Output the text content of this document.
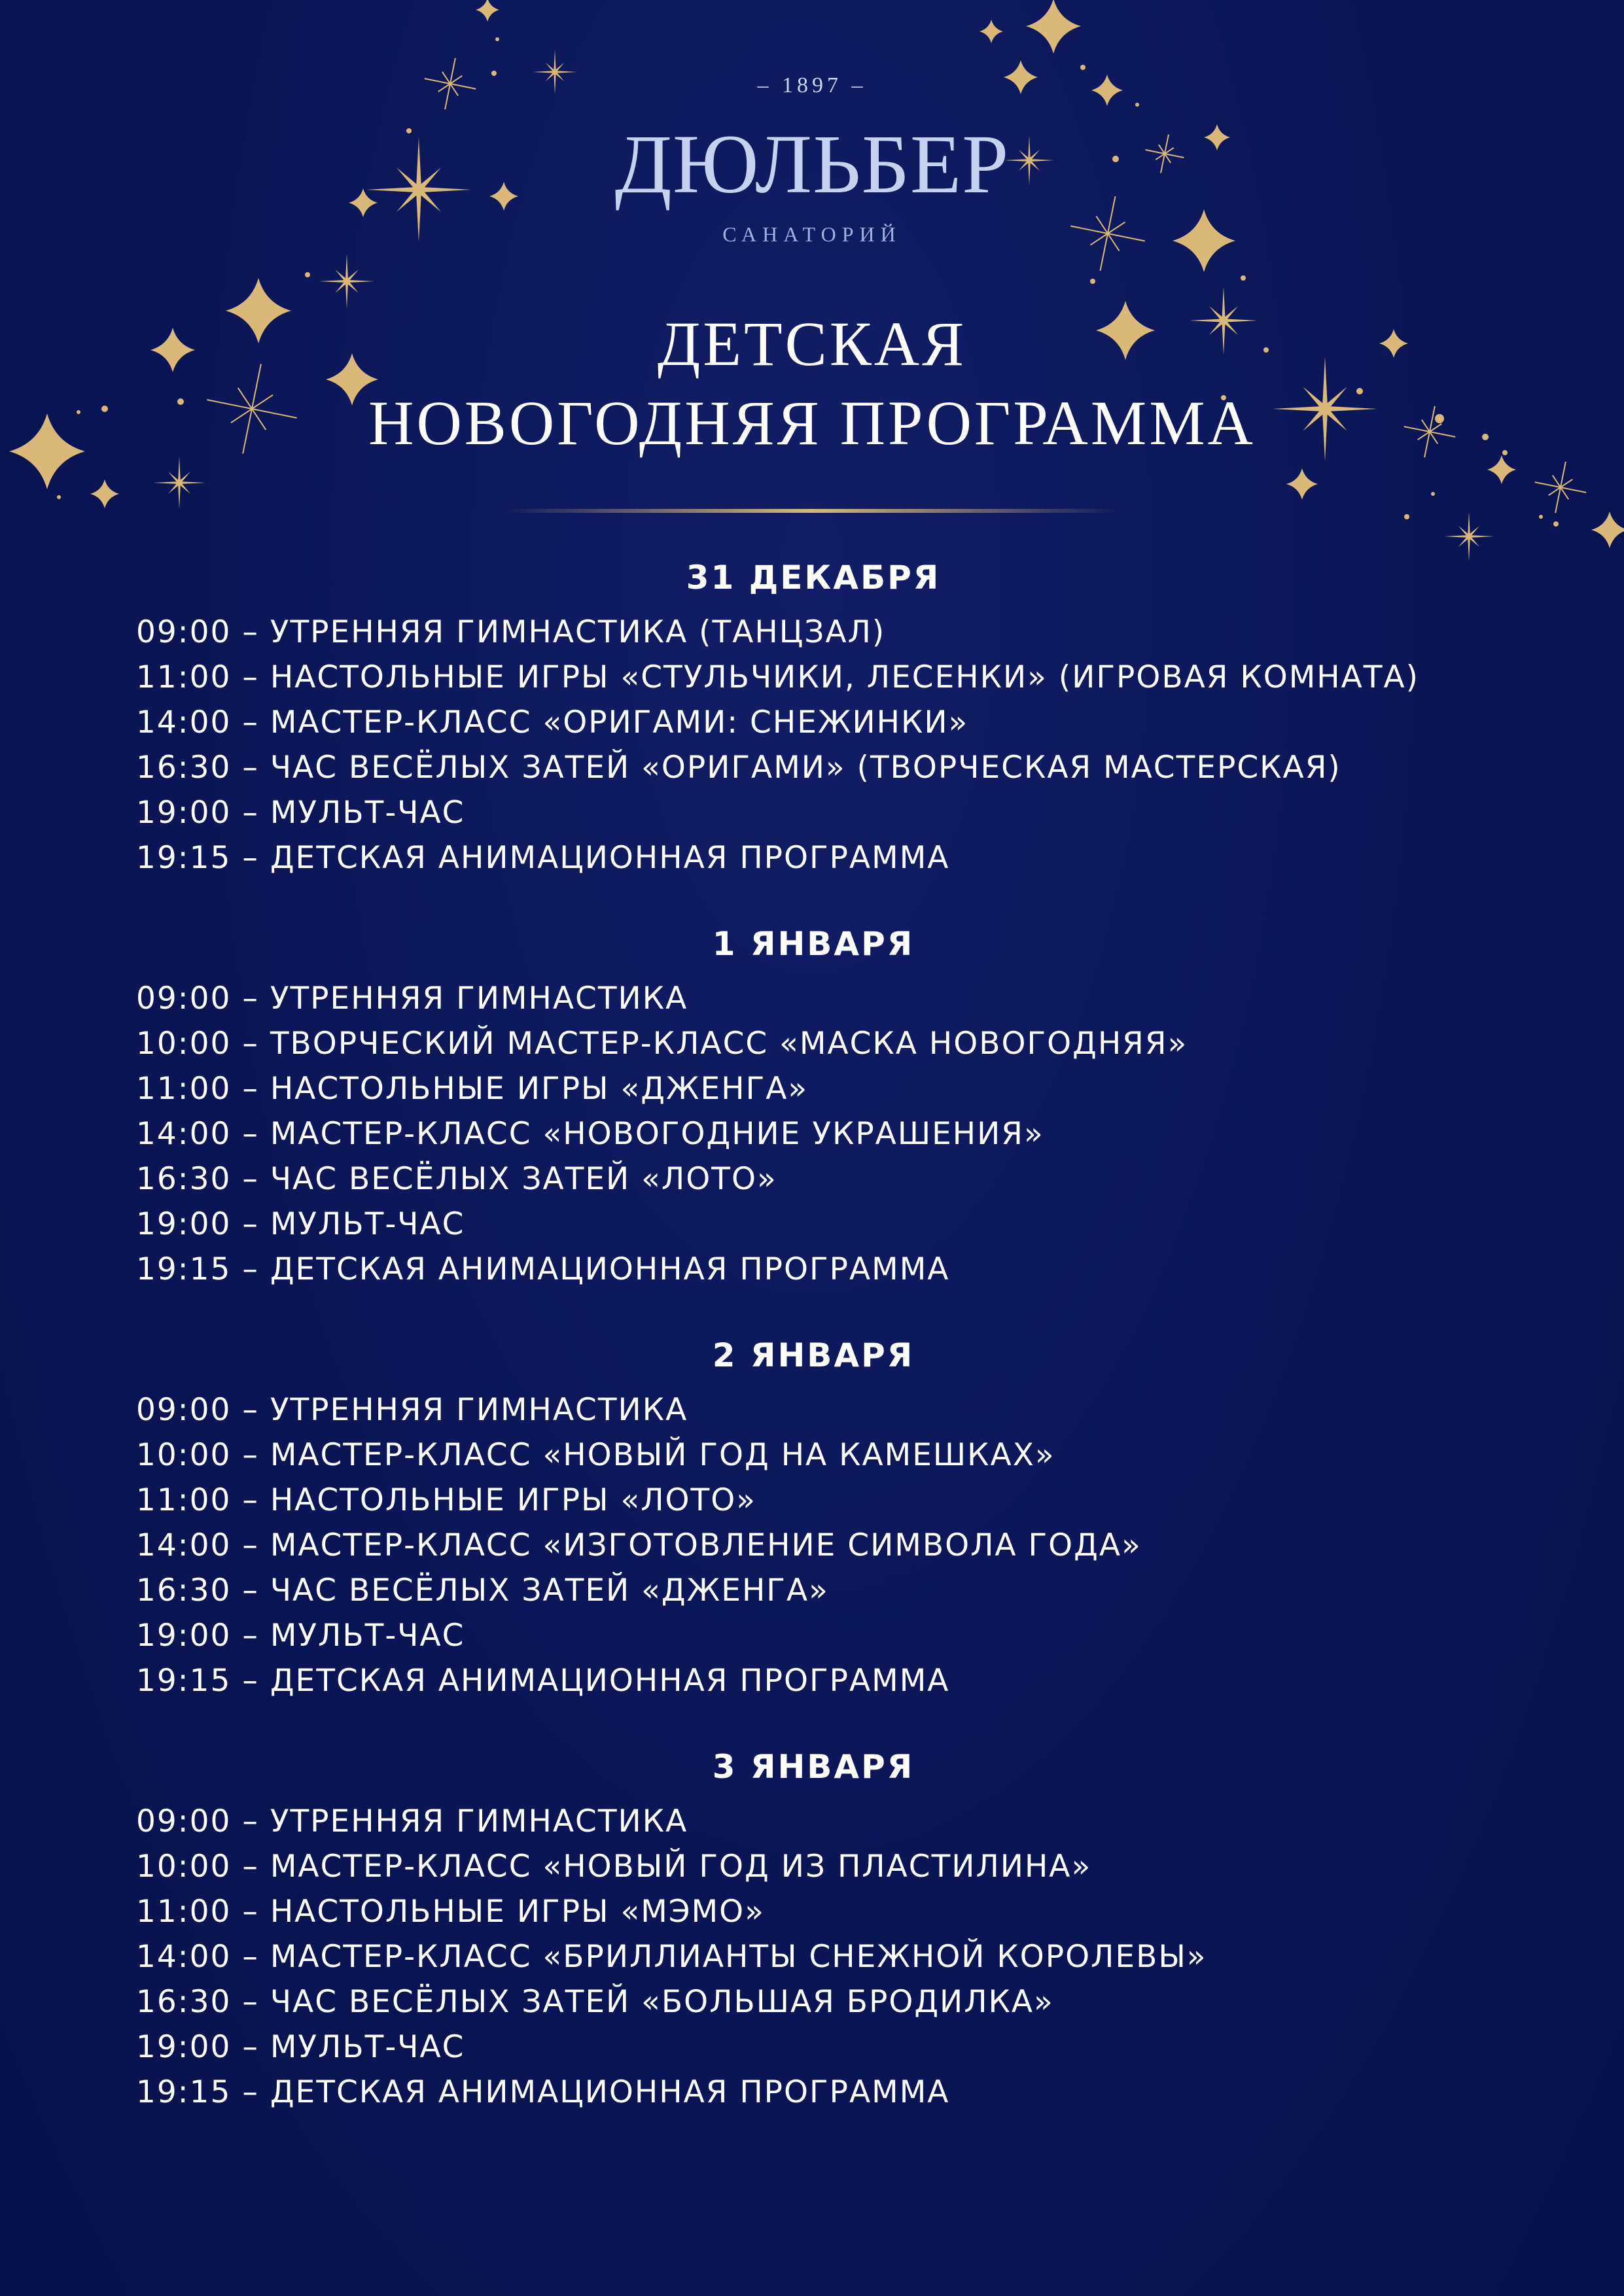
– 1897 –
ДЮЛЬБЕР
САНАТОРИЙ
ДЕТСКАЯ
НОВОГОДНЯЯ ПРОГРАММА
31 ДЕКАБРЯ
09:00 – УТРЕННЯЯ ГИМНАСТИКА (ТАНЦЗАЛ)
11:00 – НАСТОЛЬНЫЕ ИГРЫ «СТУЛЬЧИКИ, ЛЕСЕНКИ» (ИГРОВАЯ КОМНАТА)
14:00 – МАСТЕР-КЛАСС «ОРИГАМИ: СНЕЖИНКИ»
16:30 – ЧАС ВЕСЁЛЫХ ЗАТЕЙ «ОРИГАМИ» (ТВОРЧЕСКАЯ МАСТЕРСКАЯ)
19:00 – МУЛЬТ-ЧАС
19:15 – ДЕТСКАЯ АНИМАЦИОННАЯ ПРОГРАММА
1 ЯНВАРЯ
09:00 – УТРЕННЯЯ ГИМНАСТИКА
10:00 – ТВОРЧЕСКИЙ МАСТЕР-КЛАСС «МАСКА НОВОГОДНЯЯ»
11:00 – НАСТОЛЬНЫЕ ИГРЫ «ДЖЕНГА»
14:00 – МАСТЕР-КЛАСС «НОВОГОДНИЕ УКРАШЕНИЯ»
16:30 – ЧАС ВЕСЁЛЫХ ЗАТЕЙ «ЛОТО»
19:00 – МУЛЬТ-ЧАС
19:15 – ДЕТСКАЯ АНИМАЦИОННАЯ ПРОГРАММА
2 ЯНВАРЯ
09:00 – УТРЕННЯЯ ГИМНАСТИКА
10:00 – МАСТЕР-КЛАСС «НОВЫЙ ГОД НА КАМЕШКАХ»
11:00 – НАСТОЛЬНЫЕ ИГРЫ «ЛОТО»
14:00 – МАСТЕР-КЛАСС «ИЗГОТОВЛЕНИЕ СИМВОЛА ГОДА»
16:30 – ЧАС ВЕСЁЛЫХ ЗАТЕЙ «ДЖЕНГА»
19:00 – МУЛЬТ-ЧАС
19:15 – ДЕТСКАЯ АНИМАЦИОННАЯ ПРОГРАММА
3 ЯНВАРЯ
09:00 – УТРЕННЯЯ ГИМНАСТИКА
10:00 – МАСТЕР-КЛАСС «НОВЫЙ ГОД ИЗ ПЛАСТИЛИНА»
11:00 – НАСТОЛЬНЫЕ ИГРЫ «МЭМО»
14:00 – МАСТЕР-КЛАСС «БРИЛЛИАНТЫ СНЕЖНОЙ КОРОЛЕВЫ»
16:30 – ЧАС ВЕСЁЛЫХ ЗАТЕЙ «БОЛЬШАЯ БРОДИЛКА»
19:00 – МУЛЬТ-ЧАС
19:15 – ДЕТСКАЯ АНИМАЦИОННАЯ ПРОГРАММА
